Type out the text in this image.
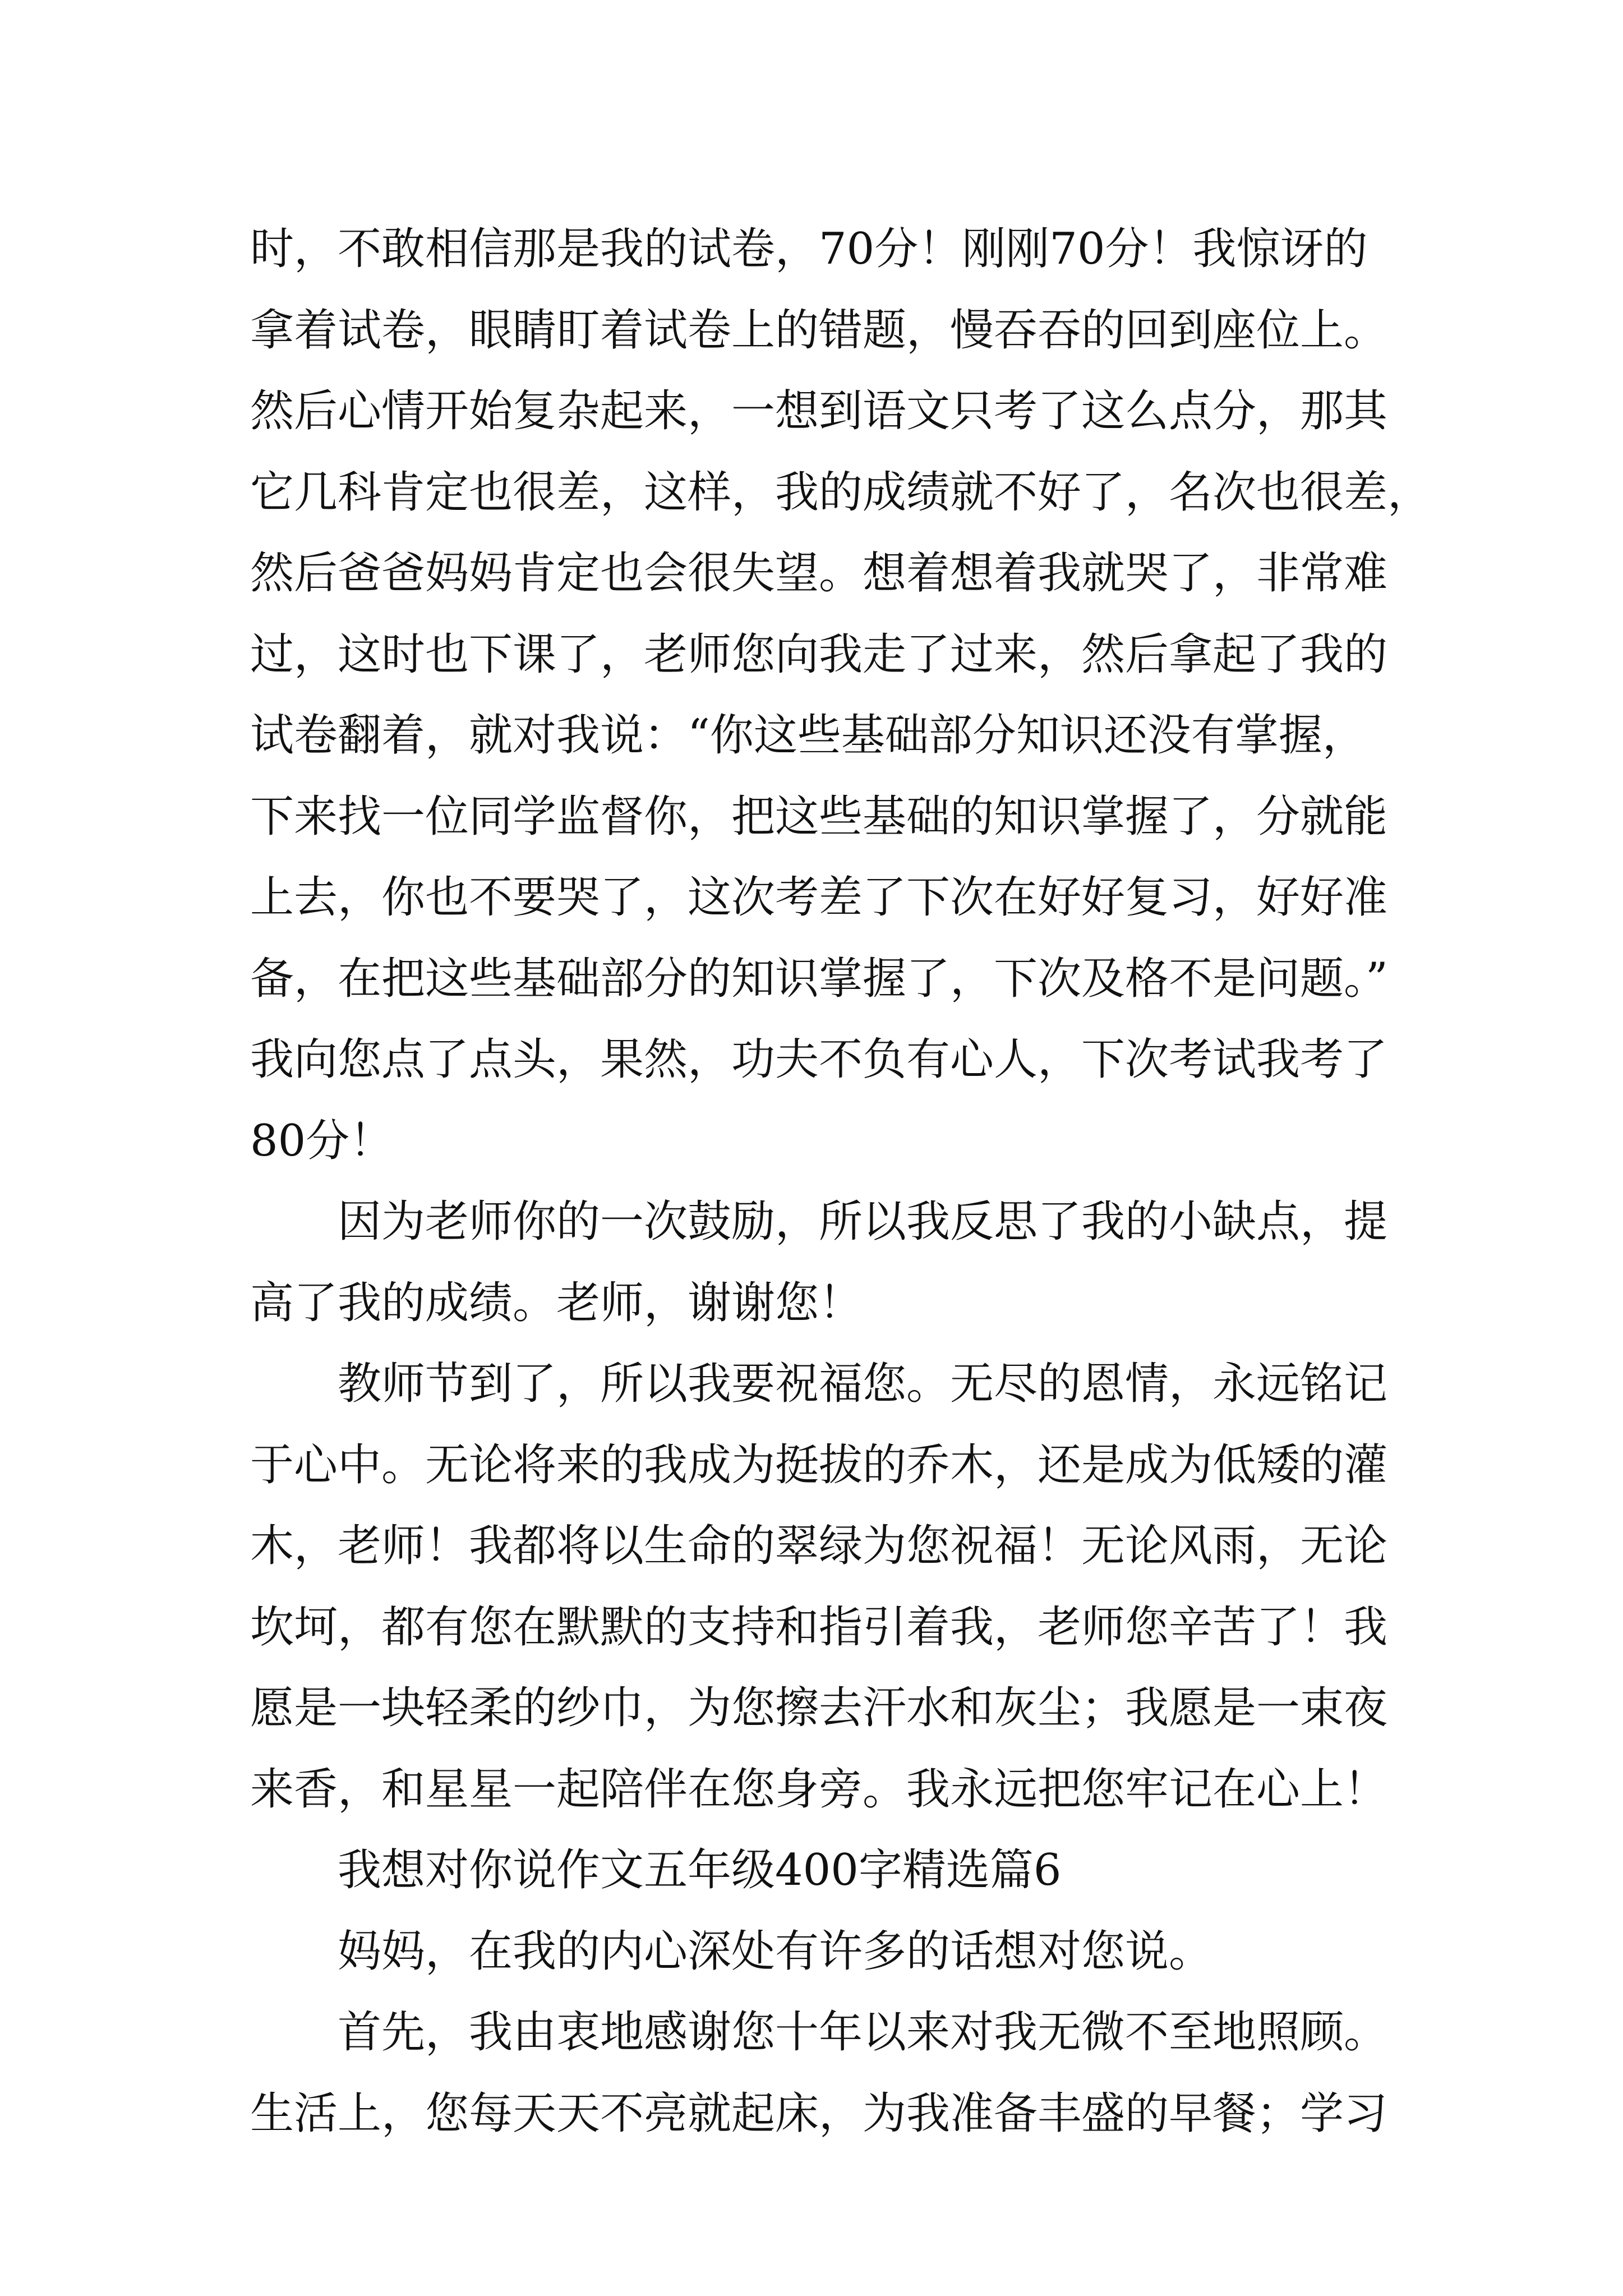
时，不敢相信那是我的试卷，70分！刚刚70分！我惊讶的
拿着试卷，眼睛盯着试卷上的错题，慢吞吞的回到座位上。
然后心情开始复杂起来，一想到语文只考了这么点分，那其
它几科肯定也很差，这样，我的成绩就不好了，名次也很差，
然后爸爸妈妈肯定也会很失望。想着想着我就哭了，非常难
过，这时也下课了，老师您向我走了过来，然后拿起了我的
试卷翻着，就对我说：“你这些基础部分知识还没有掌握，
下来找一位同学监督你，把这些基础的知识掌握了，分就能
上去，你也不要哭了，这次考差了下次在好好复习，好好准
备，在把这些基础部分的知识掌握了，下次及格不是问题。”
我向您点了点头，果然，功夫不负有心人，下次考试我考了
80分！
因为老师你的一次鼓励，所以我反思了我的小缺点，提
高了我的成绩。老师，谢谢您！
教师节到了，所以我要祝福您。无尽的恩情，永远铭记
于心中。无论将来的我成为挺拔的乔木，还是成为低矮的灌
木，老师！我都将以生命的翠绿为您祝福！无论风雨，无论
坎坷，都有您在默默的支持和指引着我，老师您辛苦了！我
愿是一块轻柔的纱巾，为您擦去汗水和灰尘；我愿是一束夜
来香，和星星一起陪伴在您身旁。我永远把您牢记在心上！
我想对你说作文五年级400字精选篇6
妈妈，在我的内心深处有许多的话想对您说。
首先，我由衷地感谢您十年以来对我无微不至地照顾。
生活上，您每天天不亮就起床，为我准备丰盛的早餐；学习
